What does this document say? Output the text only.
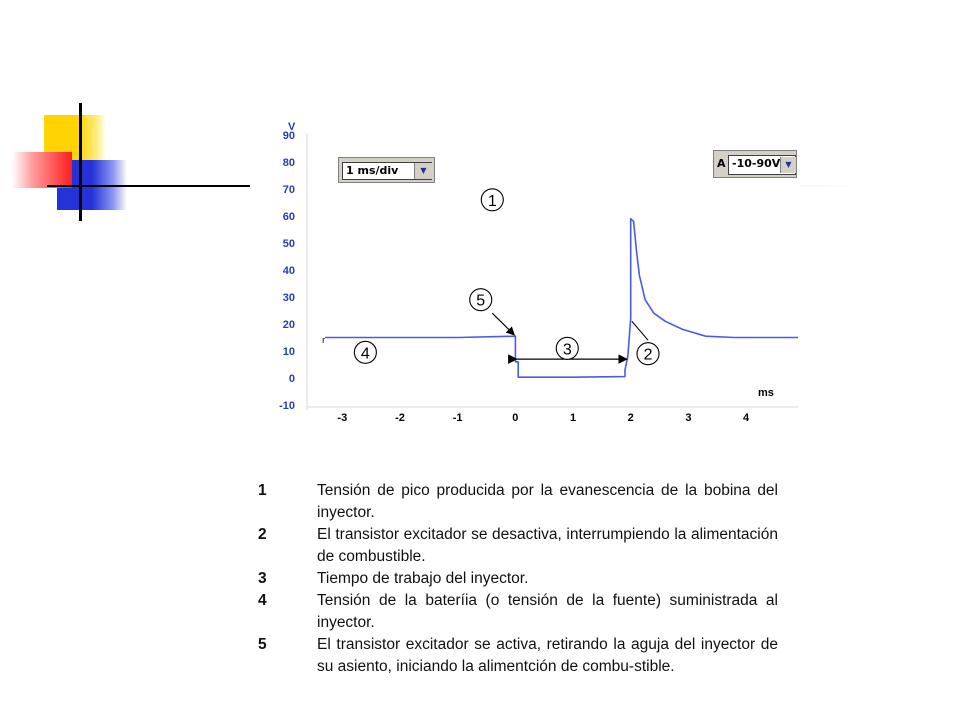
90
80
70
60
50
40
30
20
10
0
-10
-3	-2	-1	0	1	2	3	4
V
ms
1
2
3
4
5
r
1 ms/div	▼
A -10-90V ▼
1	Tensión de pico producida por la evanescencia de la bobina del inyector.
2	El transistor excitador se desactiva, interrumpiendo la alimentación de combustible.
3	Tiempo de trabajo del inyector.
4	Tensión de la bateríia (o tensión de la fuente) suministrada al inyector.
5	El transistor excitador se activa, retirando la aguja del inyector de su asiento, iniciando la alimentción de combu-stible.
